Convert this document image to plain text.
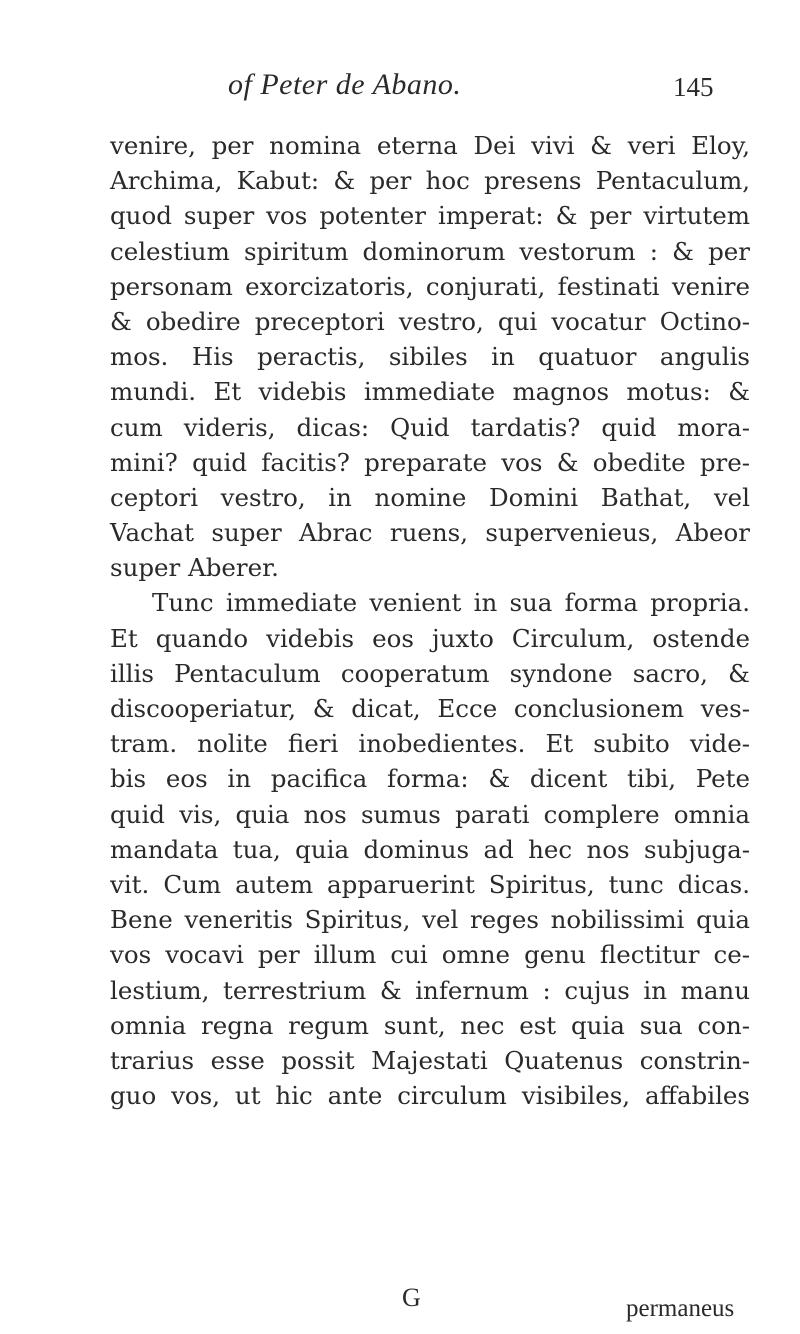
of Peter de Abano.	145
venire, per nomina eterna Dei vivi & veri Eloy,
Archima, Kabut: & per hoc presens Pentaculum,
quod super vos potenter imperat: & per virtutem
celestium spiritum dominorum vestorum : & per
personam exorcizatoris, conjurati, festinati venire
& obedire preceptori vestro, qui vocatur Octino-
mos. His peractis, sibiles in quatuor angulis
mundi. Et videbis immediate magnos motus: &
cum videris, dicas: Quid tardatis? quid mora-
mini? quid facitis? preparate vos & obedite pre-
ceptori vestro, in nomine Domini Bathat, vel
Vachat super Abrac ruens, supervenieus, Abeor
super Aberer.
Tunc immediate venient in sua forma propria.
Et quando videbis eos juxto Circulum, ostende
illis Pentaculum cooperatum syndone sacro, &
discooperiatur, & dicat, Ecce conclusionem ves-
tram. nolite fieri inobedientes. Et subito vide-
bis eos in pacifica forma: & dicent tibi, Pete
quid vis, quia nos sumus parati complere omnia
mandata tua, quia dominus ad hec nos subjuga-
vit. Cum autem apparuerint Spiritus, tunc dicas.
Bene veneritis Spiritus, vel reges nobilissimi quia
vos vocavi per illum cui omne genu flectitur ce-
lestium, terrestrium & infernum : cujus in manu
omnia regna regum sunt, nec est quia sua con-
trarius esse possit Majestati Quatenus constrin-
guo vos, ut hic ante circulum visibiles, affabiles
G	permaneus
